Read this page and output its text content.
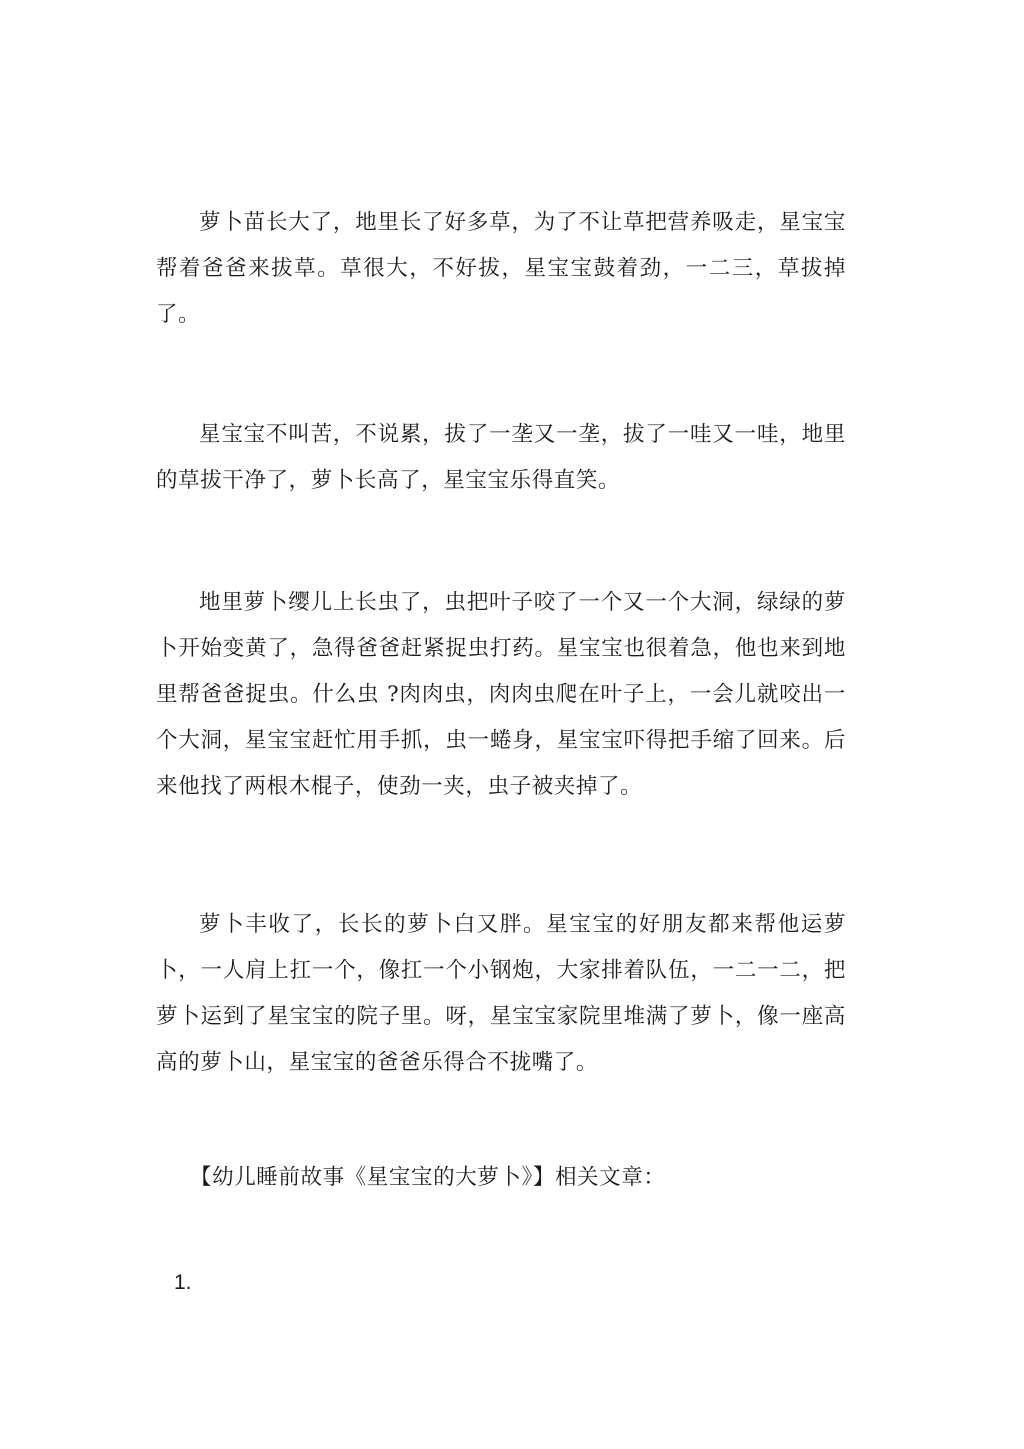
萝卜苗长大了，地里长了好多草，为了不让草把营养吸走，星宝宝帮着爸爸来拔草。草很大，不好拔，星宝宝鼓着劲，一二三，草拔掉了。

星宝宝不叫苦，不说累，拔了一垄又一垄，拔了一哇又一哇，地里的草拔干净了，萝卜长高了，星宝宝乐得直笑。

地里萝卜缨儿上长虫了，虫把叶子咬了一个又一个大洞，绿绿的萝卜开始变黄了，急得爸爸赶紧捉虫打药。星宝宝也很着急，他也来到地里帮爸爸捉虫。什么虫 ?肉肉虫，肉肉虫爬在叶子上，一会儿就咬出一个大洞，星宝宝赶忙用手抓，虫一蜷身，星宝宝吓得把手缩了回来。后来他找了两根木棍子，使劲一夹，虫子被夹掉了。

萝卜丰收了，长长的萝卜白又胖。星宝宝的好朋友都来帮他运萝卜，一人肩上扛一个，像扛一个小钢炮，大家排着队伍，一二一二，把萝卜运到了星宝宝的院子里。呀，星宝宝家院里堆满了萝卜，像一座高高的萝卜山，星宝宝的爸爸乐得合不拢嘴了。

【幼儿睡前故事《星宝宝的大萝卜》】相关文章：

1.
